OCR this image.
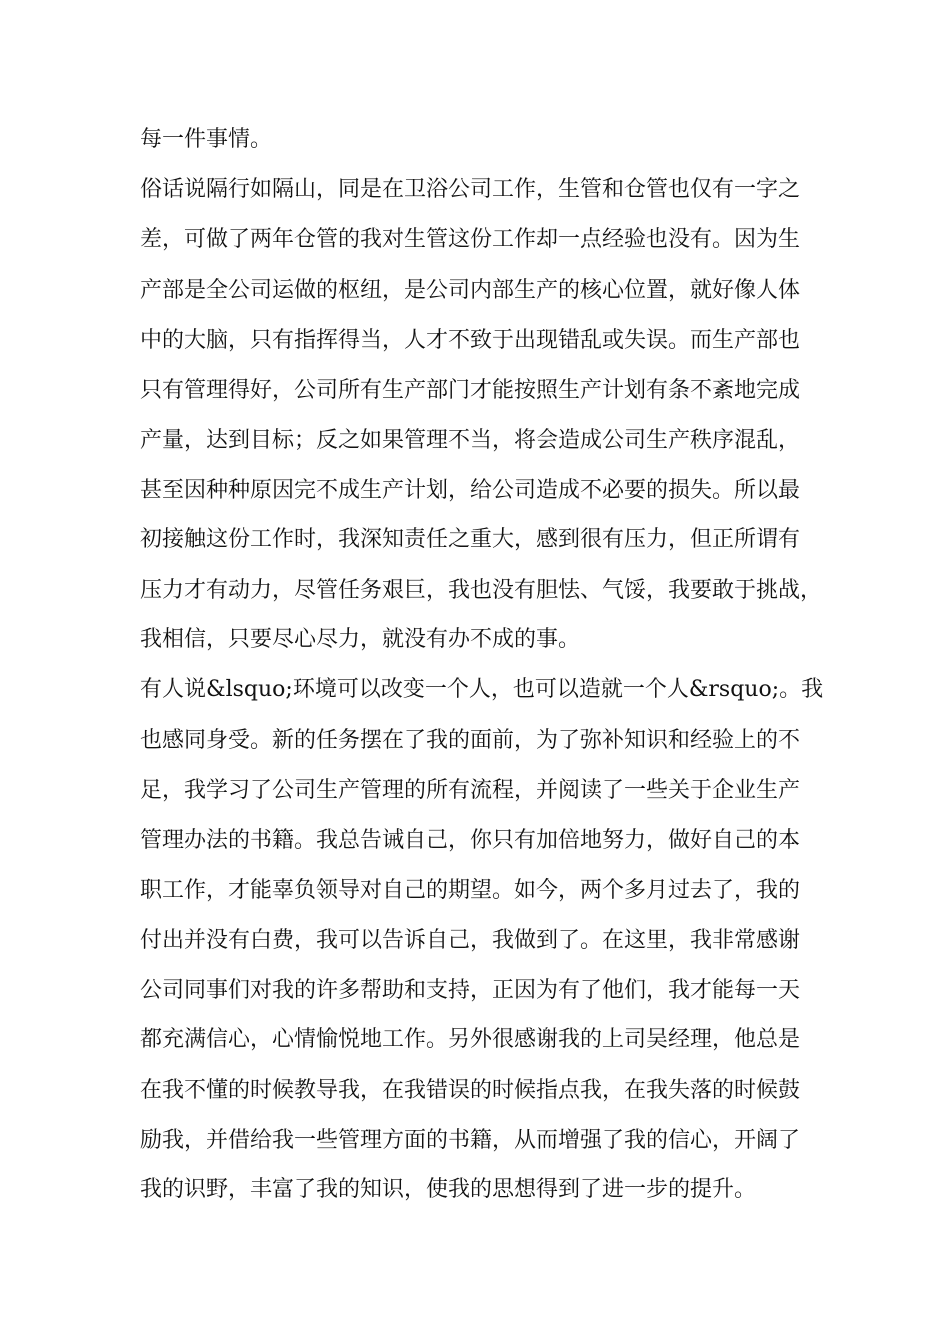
每一件事情。
俗话说隔行如隔山，同是在卫浴公司工作，生管和仓管也仅有一字之
差，可做了两年仓管的我对生管这份工作却一点经验也没有。因为生
产部是全公司运做的枢纽，是公司内部生产的核心位置，就好像人体
中的大脑，只有指挥得当，人才不致于出现错乱或失误。而生产部也
只有管理得好，公司所有生产部门才能按照生产计划有条不紊地完成
产量，达到目标；反之如果管理不当，将会造成公司生产秩序混乱，
甚至因种种原因完不成生产计划，给公司造成不必要的损失。所以最
初接触这份工作时，我深知责任之重大，感到很有压力，但正所谓有
压力才有动力，尽管任务艰巨，我也没有胆怯、气馁，我要敢于挑战，
我相信，只要尽心尽力，就没有办不成的事。
有人说&lsquo;环境可以改变一个人，也可以造就一个人&rsquo;。我
也感同身受。新的任务摆在了我的面前，为了弥补知识和经验上的不
足，我学习了公司生产管理的所有流程，并阅读了一些关于企业生产
管理办法的书籍。我总告诫自己，你只有加倍地努力，做好自己的本
职工作，才能辜负领导对自己的期望。如今，两个多月过去了，我的
付出并没有白费，我可以告诉自己，我做到了。在这里，我非常感谢
公司同事们对我的许多帮助和支持，正因为有了他们，我才能每一天
都充满信心，心情愉悦地工作。另外很感谢我的上司吴经理，他总是
在我不懂的时候教导我，在我错误的时候指点我，在我失落的时候鼓
励我，并借给我一些管理方面的书籍，从而增强了我的信心，开阔了
我的识野，丰富了我的知识，使我的思想得到了进一步的提升。
